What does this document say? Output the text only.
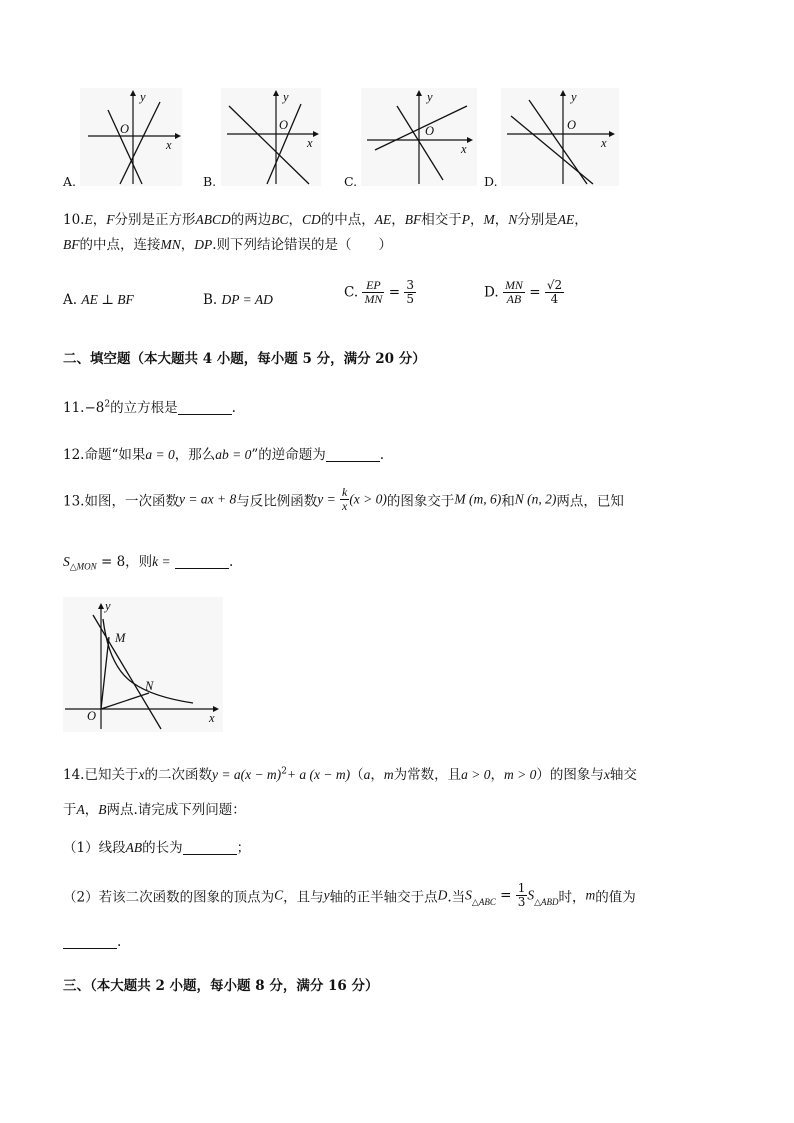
y
x
O
A.
y
x
O
B.
y
x
O
C.
y
x
O
D.
10.E，F分别是正方形ABCD的两边BC，CD的中点，AE，BF相交于P，M，N分别是AE，
BF的中点，连接MN，DP.则下列结论错误的是（　　）
A. AE ⊥ BF	B. DP = AD	C. $\frac{EP}{MN} = \frac{3}{5}$	D. $\frac{MN}{AB} = \frac{√2}{4}$
二、填空题（本大题共 4 小题，每小题 5 分，满分 20 分）
$11.-8^2$的立方根是	.
12.命题“如果a = 0，那么ab = 0”的逆命题为	.
13.如图，一次函数y = ax + 8与反比例函数$y = \frac{k}{x} (x > 0)$的图象交于M (m, 6)和N (n, 2)两点，已知
$S_{\triangle MON} = 8$，则k =	.
y
x
M
N
O
14.已知关于x的二次函数$y = a(x - m)^2+ a$ (x − m)（a，m为常数，且a > 0，m > 0）的图象与x轴交
于A，B两点.请完成下列问题：
（1）线段AB的长为	；
（2）若该二次函数的图象的顶点为C，且与y轴的正半轴交于点D.当$S_{\triangle ABC} = \frac{1}{3} S_{\triangle ABD}$时，m的值为
.
三、（本大题共 2 小题，每小题 8 分，满分 16 分）
